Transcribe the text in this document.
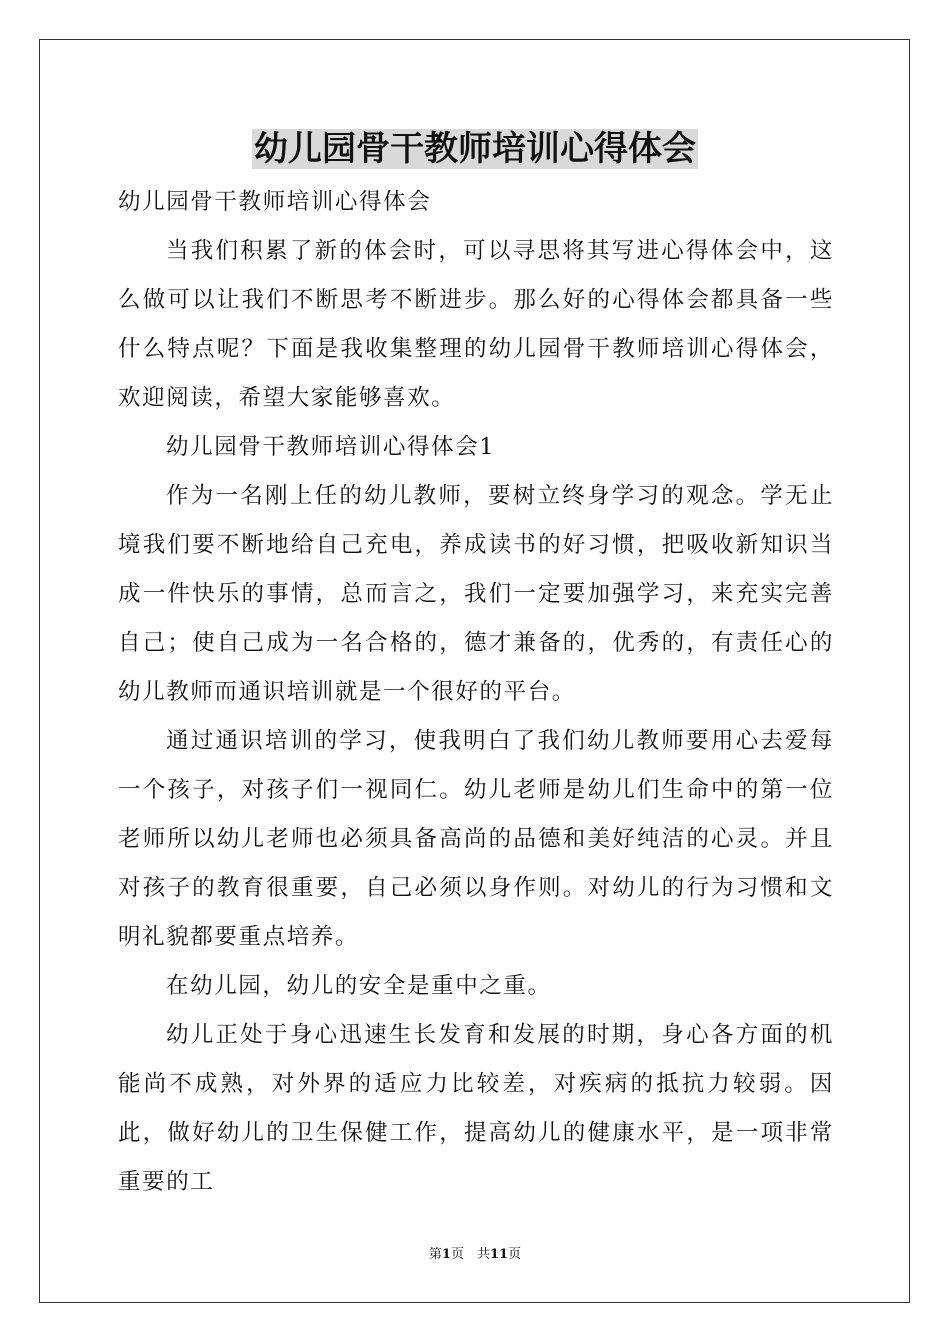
幼儿园骨干教师培训心得体会

幼儿园骨干教师培训心得体会

当我们积累了新的体会时，可以寻思将其写进心得体会中，这么做可以让我们不断思考不断进步。那么好的心得体会都具备一些什么特点呢？下面是我收集整理的幼儿园骨干教师培训心得体会，欢迎阅读，希望大家能够喜欢。

幼儿园骨干教师培训心得体会1

作为一名刚上任的幼儿教师，要树立终身学习的观念。学无止境我们要不断地给自己充电，养成读书的好习惯，把吸收新知识当成一件快乐的事情，总而言之，我们一定要加强学习，来充实完善自己；使自己成为一名合格的，德才兼备的，优秀的，有责任心的幼儿教师而通识培训就是一个很好的平台。

通过通识培训的学习，使我明白了我们幼儿教师要用心去爱每一个孩子，对孩子们一视同仁。幼儿老师是幼儿们生命中的第一位老师所以幼儿老师也必须具备高尚的品德和美好纯洁的心灵。并且对孩子的教育很重要，自己必须以身作则。对幼儿的行为习惯和文明礼貌都要重点培养。

在幼儿园，幼儿的安全是重中之重。

幼儿正处于身心迅速生长发育和发展的时期，身心各方面的机能尚不成熟，对外界的适应力比较差，对疾病的抵抗力较弱。因此，做好幼儿的卫生保健工作，提高幼儿的健康水平，是一项非常重要的工

第1页　共11页
